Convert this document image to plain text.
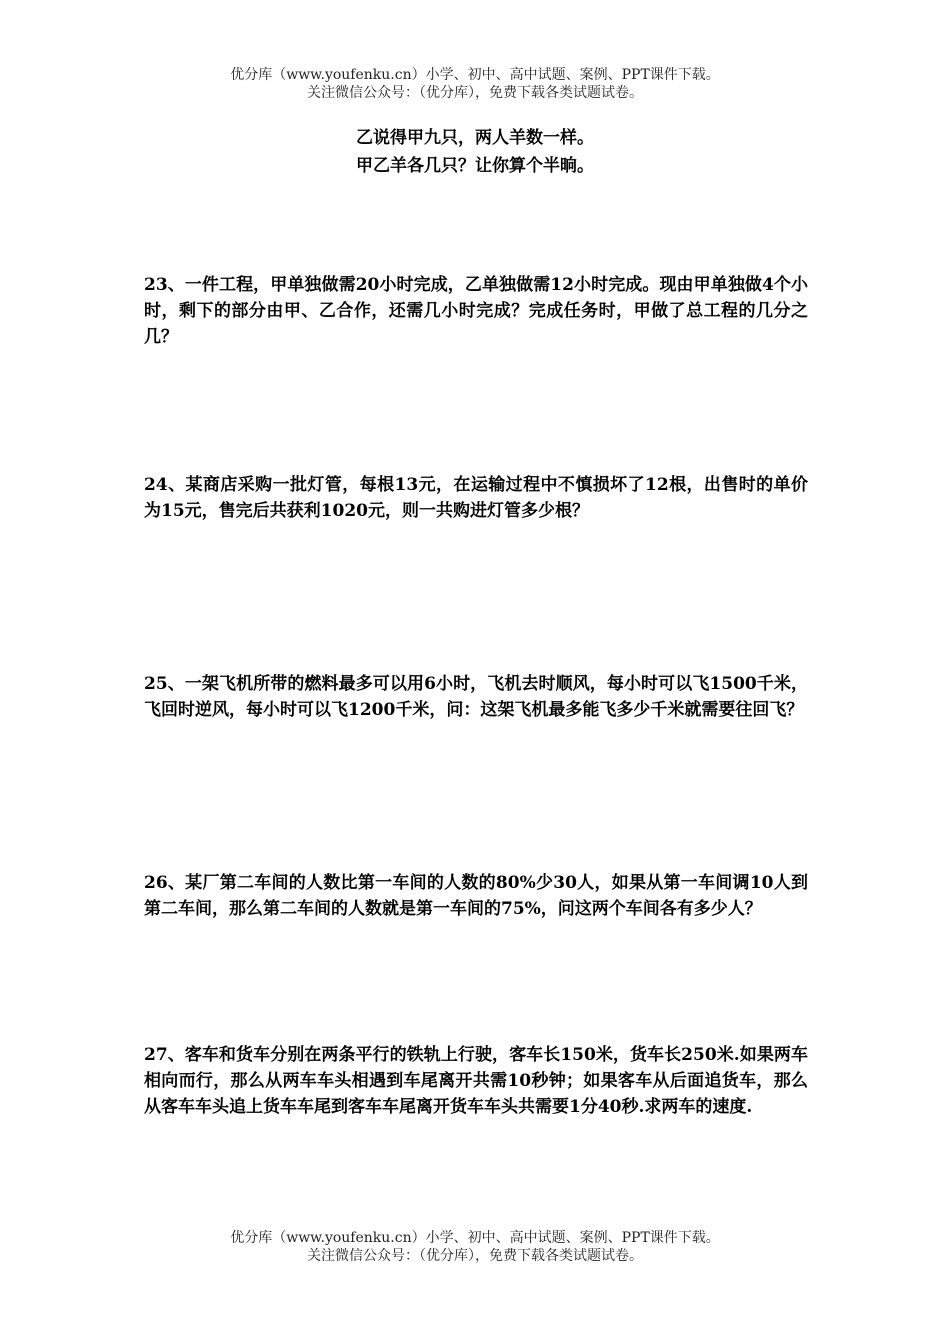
优分库（www.youfenku.cn）小学、初中、高中试题、案例、PPT课件下载。
关注微信公众号：（优分库），免费下载各类试题试卷。
乙说得甲九只，两人羊数一样。
甲乙羊各几只？让你算个半晌。
23、一件工程，甲单独做需20小时完成，乙单独做需12小时完成。现由甲单独做4个小时，剩下的部分由甲、乙合作，还需几小时完成？完成任务时，甲做了总工程的几分之几？
24、某商店采购一批灯管，每根13元，在运输过程中不慎损坏了12根，出售时的单价为15元，售完后共获利1020元，则一共购进灯管多少根？
25、一架飞机所带的燃料最多可以用6小时，飞机去时顺风，每小时可以飞1500千米，飞回时逆风，每小时可以飞1200千米，问：这架飞机最多能飞多少千米就需要往回飞？
26、某厂第二车间的人数比第一车间的人数的80%少30人，如果从第一车间调10人到第二车间，那么第二车间的人数就是第一车间的75%，问这两个车间各有多少人？
27、客车和货车分别在两条平行的铁轨上行驶，客车长150米，货车长250米.如果两车相向而行，那么从两车车头相遇到车尾离开共需10秒钟；如果客车从后面追货车，那么从客车车头追上货车车尾到客车车尾离开货车车头共需要1分40秒.求两车的速度.
优分库（www.youfenku.cn）小学、初中、高中试题、案例、PPT课件下载。
关注微信公众号：（优分库），免费下载各类试题试卷。
